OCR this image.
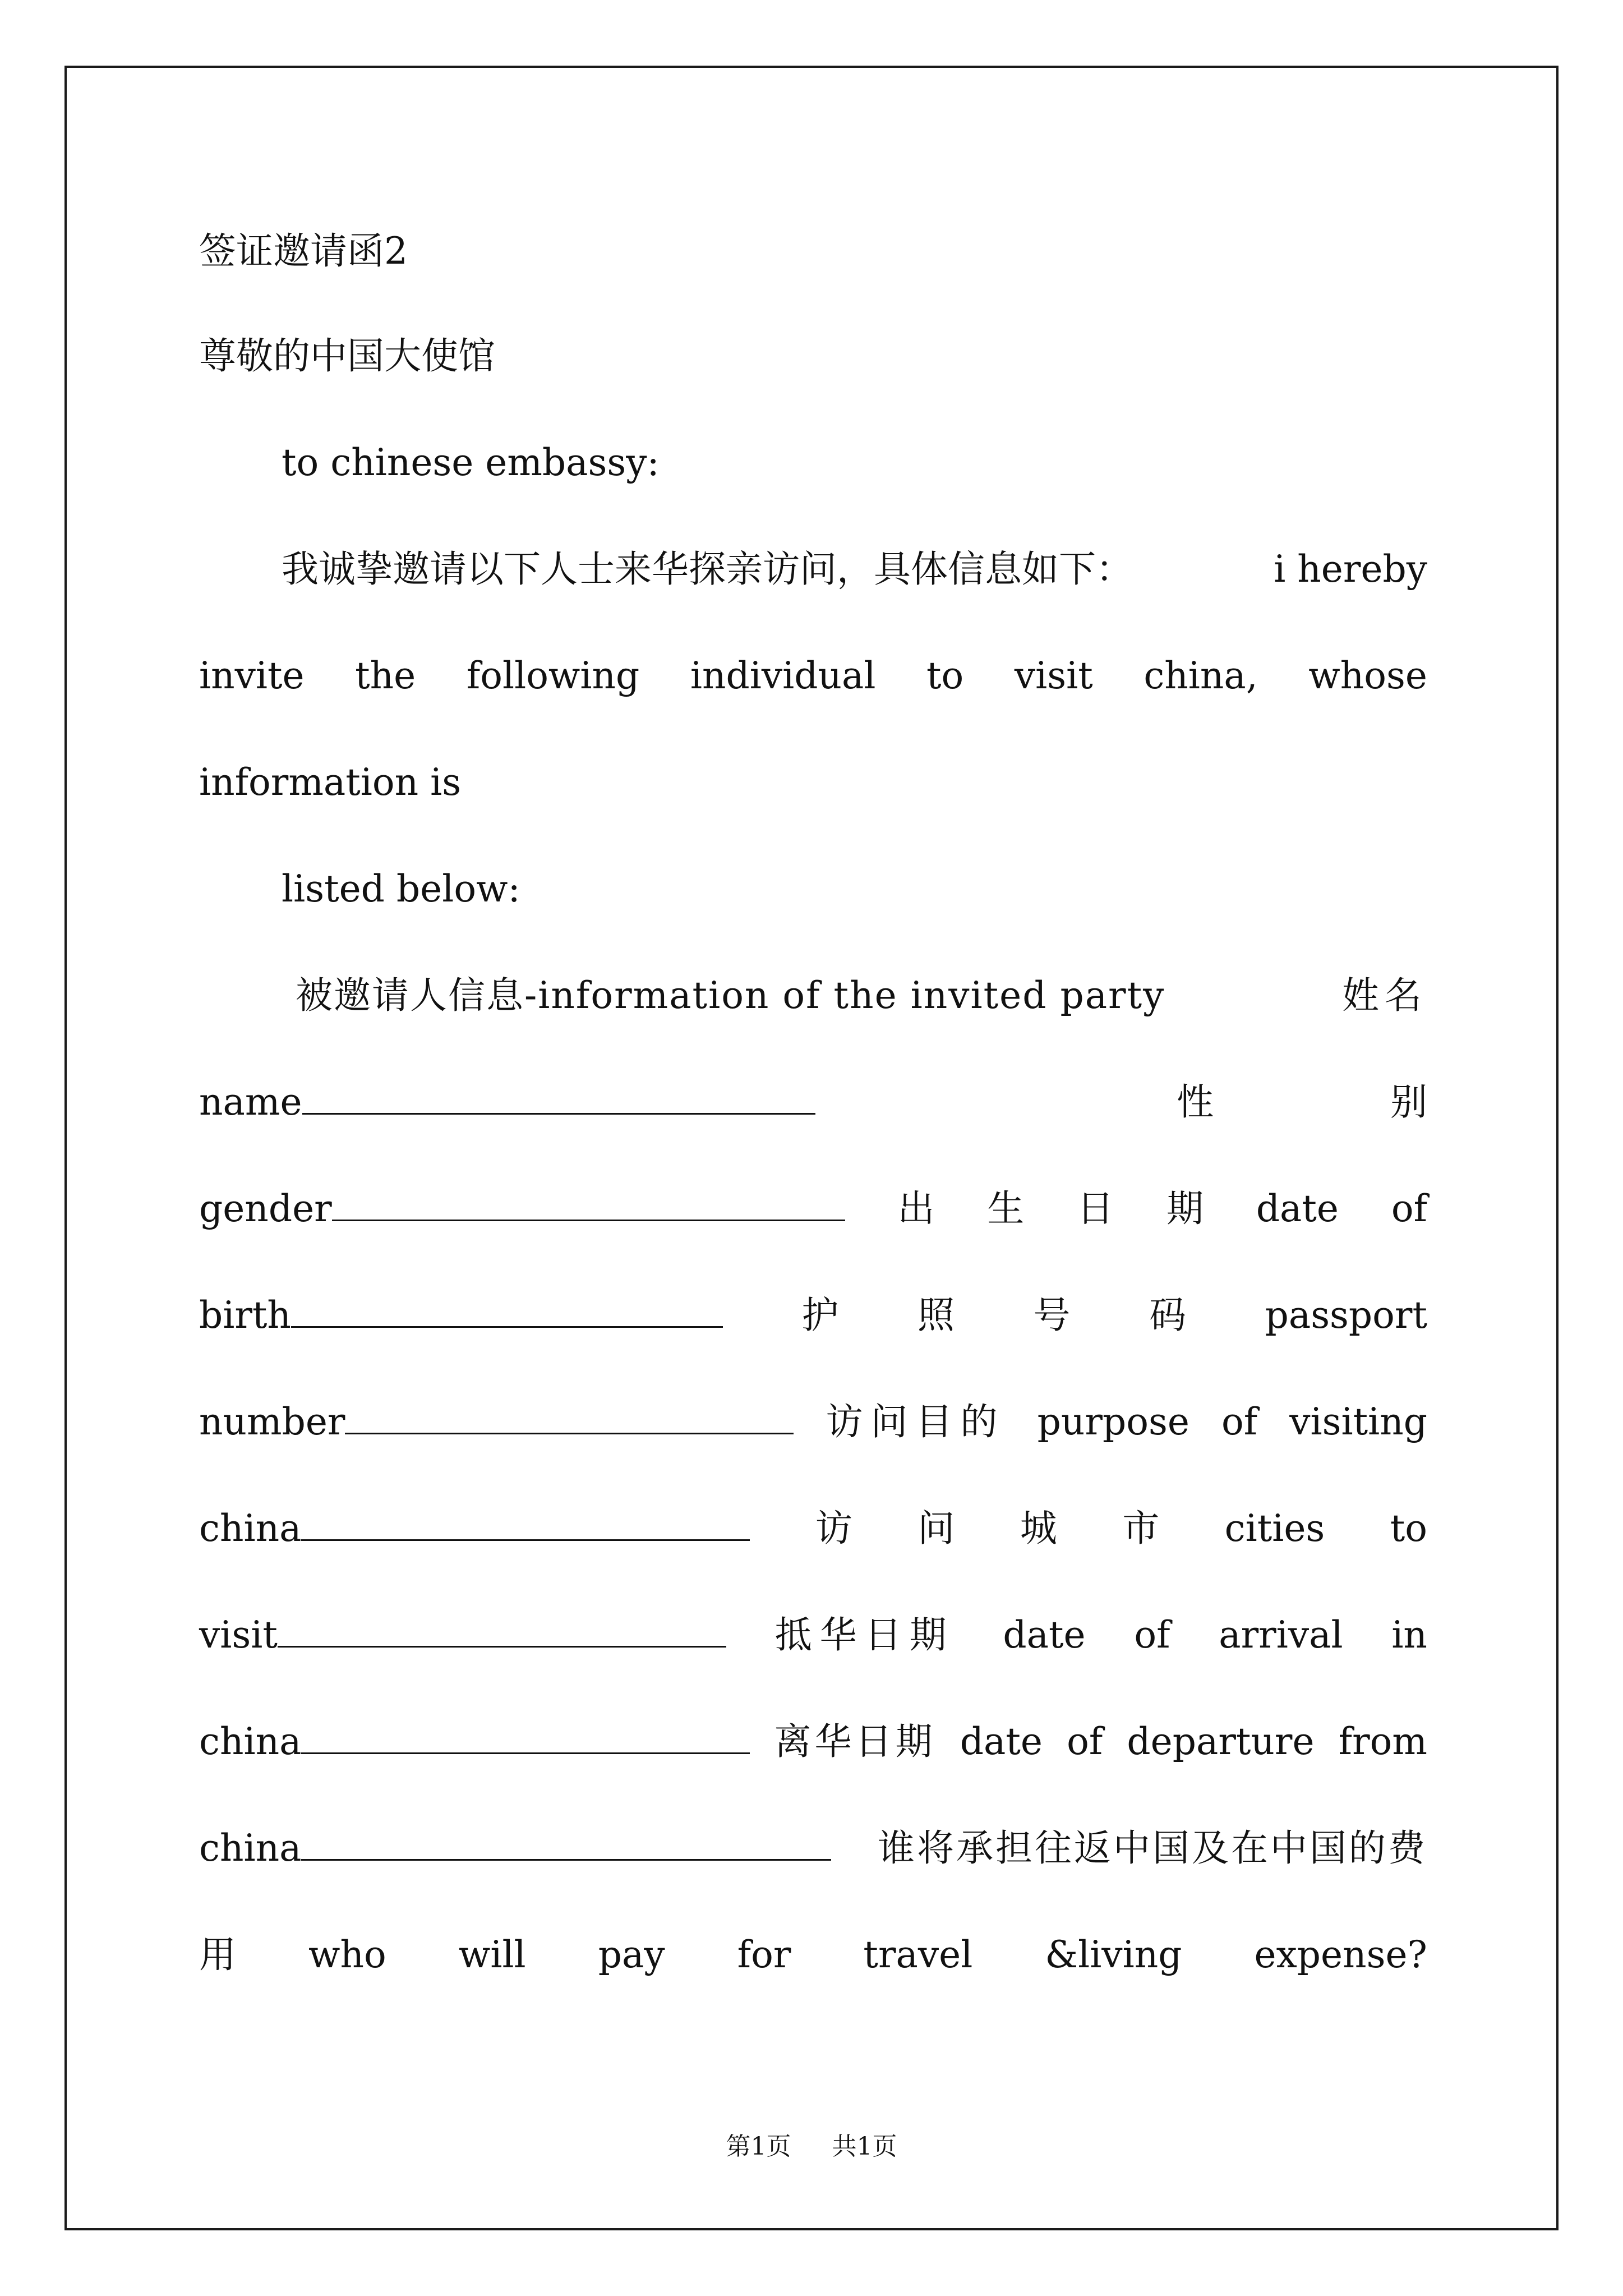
签证邀请函2
尊敬的中国大使馆
to chinese embassy:
我诚挚邀请以下人士来华探亲访问，具体信息如下：	i hereby
invite the following individual to visit china, whose
information is
listed below:
被邀请人信息-information of the invited party	姓名
name	性	别
gender	出 生 日 期 date of
birth	护 照 号 码 passport
number	访问目的 purpose of visiting
china	访 问 城 市 cities to
visit	抵华日期 date of arrival in
china	离华日期 date of departure from
china	谁将承担往返中国及在中国的费
用 who will pay for travel &living expense?
第1页 共1页
